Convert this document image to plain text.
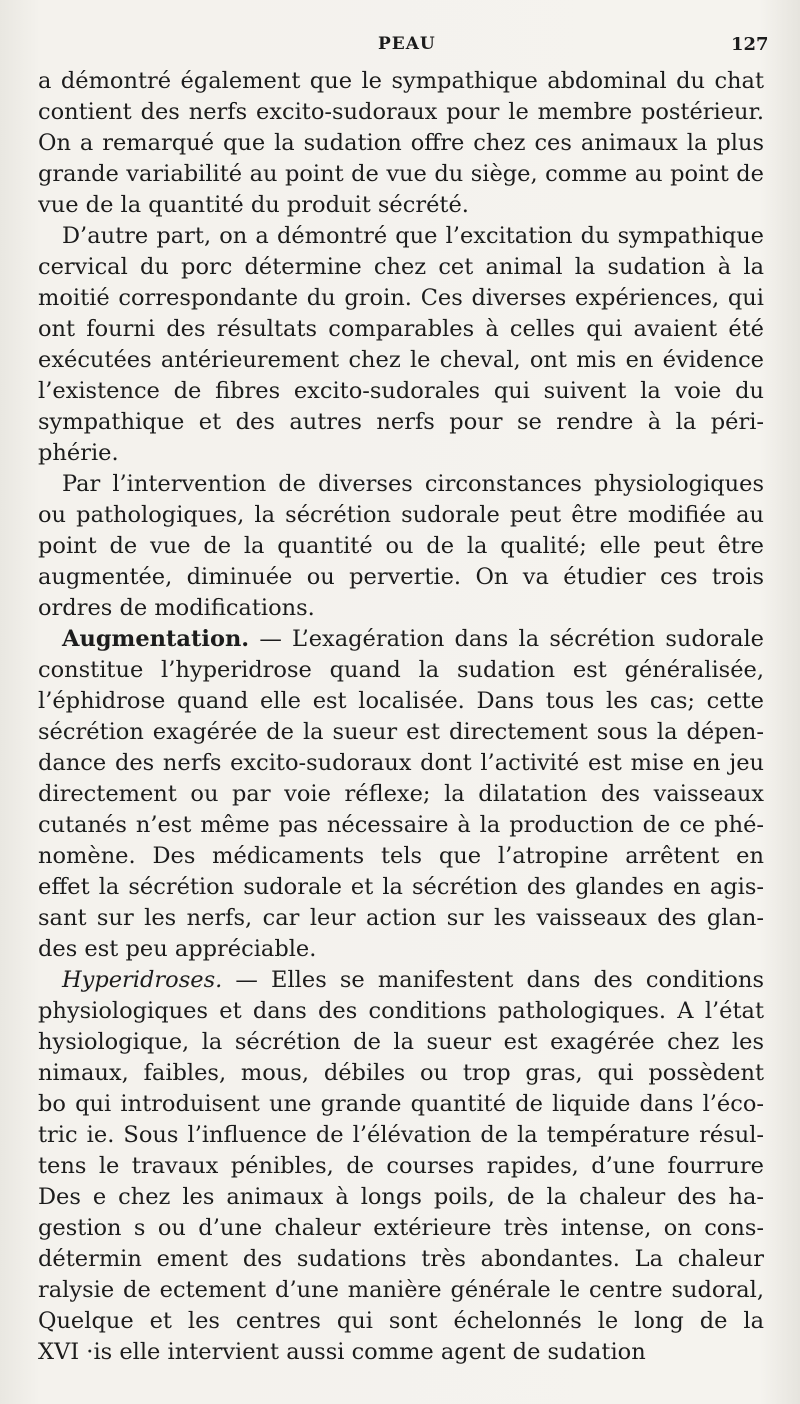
PEAU	127
a démontré également que le sympathique abdominal du chat
contient des nerfs excito-sudoraux pour le membre postérieur.
On a remarqué que la sudation offre chez ces animaux la plus
grande variabilité au point de vue du siège, comme au point de
vue de la quantité du produit sécrété.
D’autre part, on a démontré que l’excitation du sympathique
cervical du porc détermine chez cet animal la sudation à la
moitié correspondante du groin. Ces diverses expériences, qui
ont fourni des résultats comparables à celles qui avaient été
exécutées antérieurement chez le cheval, ont mis en évidence
l’existence de fibres excito-sudorales qui suivent la voie du
sympathique et des autres nerfs pour se rendre à la péri-
phérie.
Par l’intervention de diverses circonstances physiologiques
ou pathologiques, la sécrétion sudorale peut être modifiée au
point de vue de la quantité ou de la qualité; elle peut être
augmentée, diminuée ou pervertie. On va étudier ces trois
ordres de modifications.
Augmentation. — L’exagération dans la sécrétion sudorale
constitue l’hyperidrose quand la sudation est généralisée,
l’éphidrose quand elle est localisée. Dans tous les cas; cette
sécrétion exagérée de la sueur est directement sous la dépen-
dance des nerfs excito-sudoraux dont l’activité est mise en jeu
directement ou par voie réflexe; la dilatation des vaisseaux
cutanés n’est même pas nécessaire à la production de ce phé-
nomène. Des médicaments tels que l’atropine arrêtent en
effet la sécrétion sudorale et la sécrétion des glandes en agis-
sant sur les nerfs, car leur action sur les vaisseaux des glan-
des est peu appréciable.
Hyperidroses. — Elles se manifestent dans des conditions
physiologiques et dans des conditions pathologiques. A l’état
hysiologique, la sécrétion de la sueur est exagérée chez les
nimaux, faibles, mous, débiles ou trop gras, qui possèdent
bo qui introduisent une grande quantité de liquide dans l’éco-
tric ie. Sous l’influence de l’élévation de la température résul-
tens le travaux pénibles, de courses rapides, d’une fourrure
Des e chez les animaux à longs poils, de la chaleur des ha-
gestion s ou d’une chaleur extérieure très intense, on cons-
détermin ement des sudations très abondantes. La chaleur
ralysie de ectement d’une manière générale le centre sudoral,
Quelque et les centres qui sont échelonnés le long de la
XVI ·is elle intervient aussi comme agent de sudation
